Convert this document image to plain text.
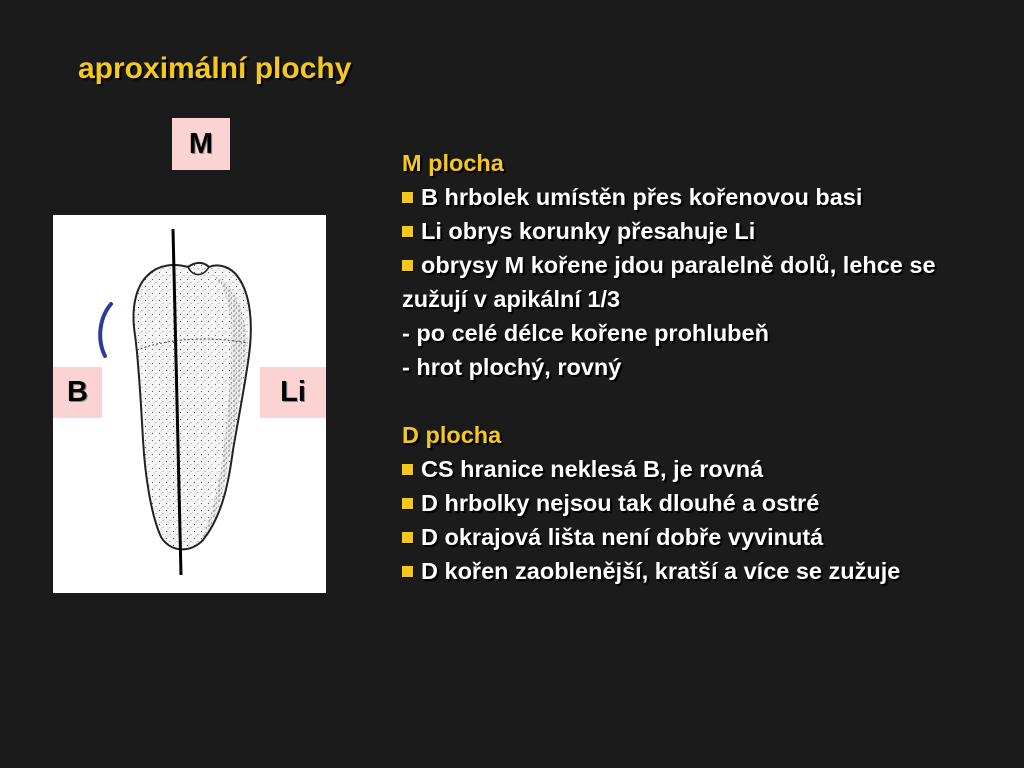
aproximální plochy
M
B	Li
M plocha
B hrbolek umístěn přes kořenovou basi
Li obrys korunky přesahuje Li
obrysy M kořene jdou paralelně dolů, lehce se zužují v apikální 1/3
- po celé délce kořene prohlubeň
- hrot plochý, rovný
D plocha
CS hranice neklesá B, je rovná
D hrbolky nejsou tak dlouhé a ostré
D okrajová lišta není dobře vyvinutá
D kořen zaobleněјší, kratší a více se zužuje
